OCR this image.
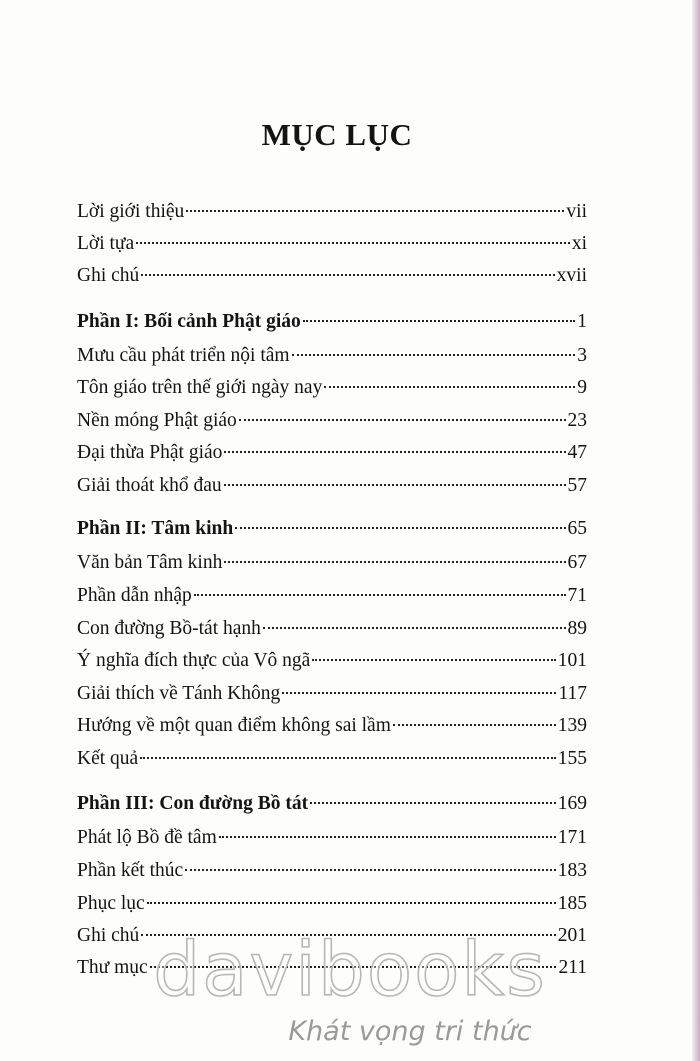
MỤC LỤC
Lời giới thiệu	vii
Lời tựa	xi
Ghi chú	xvii
Phần I: Bối cảnh Phật giáo	1
Mưu cầu phát triển nội tâm	3
Tôn giáo trên thế giới ngày nay	9
Nền móng Phật giáo	23
Đại thừa Phật giáo	47
Giải thoát khổ đau	57
Phần II: Tâm kinh	65
Văn bản Tâm kinh	67
Phần dẫn nhập	71
Con đường Bồ-tát hạnh	89
Ý nghĩa đích thực của Vô ngã	101
Giải thích về Tánh Không	117
Hướng về một quan điểm không sai lầm	139
Kết quả	155
Phần III: Con đường Bồ tát	169
Phát lộ Bồ đề tâm	171
Phần kết thúc	183
Phục lục	185
Ghi chú	201
Thư mục	211
davibooks
Khát vọng tri thức
